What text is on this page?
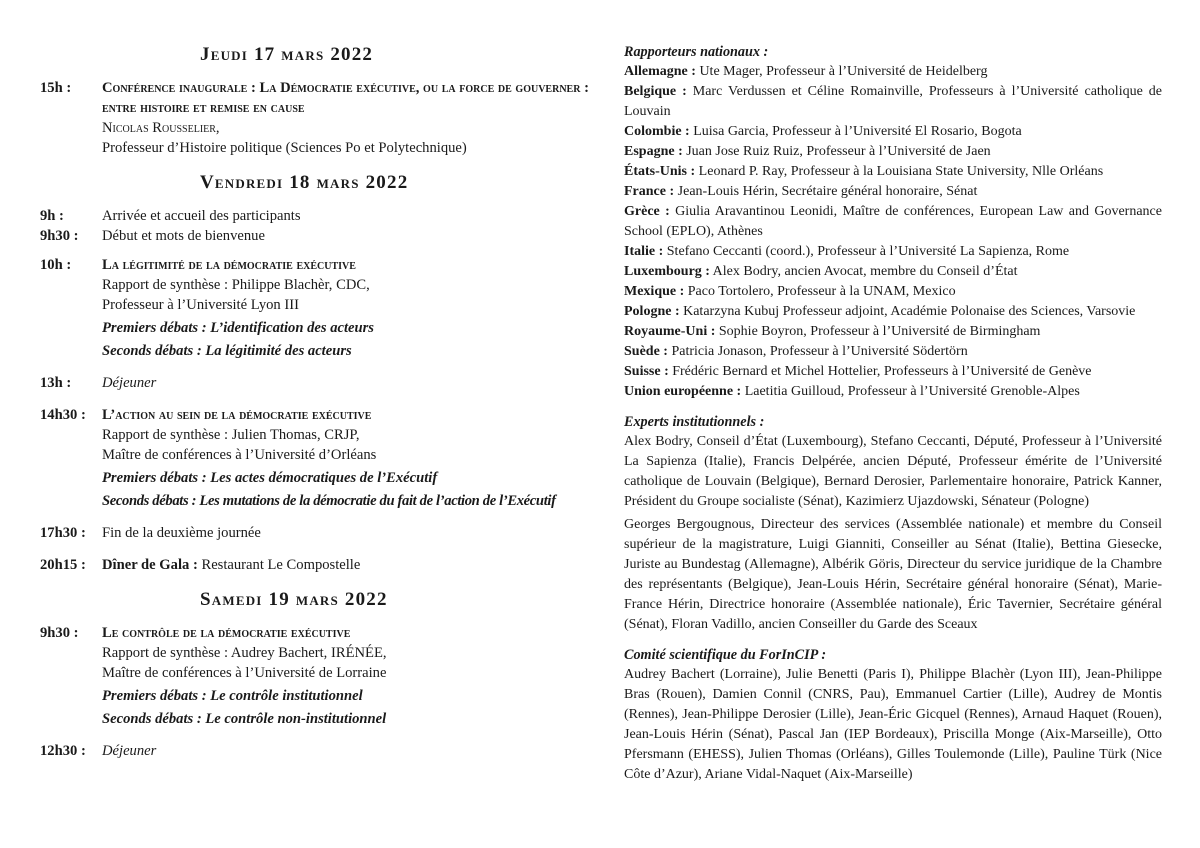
Jeudi 17 mars 2022
15h :	Conférence inaugurale : La Démocratie exécutive, ou la force de gouverner : entre histoire et remise en cause
Nicolas Rousselier,
Professeur d’Histoire politique (Sciences Po et Polytechnique)
Vendredi 18 mars 2022
9h :	Arrivée et accueil des participants
9h30 :	Début et mots de bienvenue
10h :	La légitimité de la démocratie exécutive
Rapport de synthèse : Philippe Blachèr, CDC,
Professeur à l’Université Lyon III
Premiers débats : L’identification des acteurs
Seconds débats : La légitimité des acteurs
13h :	Déjeuner
14h30 :	L’action au sein de la démocratie exécutive
Rapport de synthèse : Julien Thomas, CRJP,
Maître de conférences à l’Université d’Orléans
Premiers débats : Les actes démocratiques de l’Exécutif
Seconds débats : Les mutations de la démocratie du fait de l’action de l’Exécutif
17h30 :	Fin de la deuxième journée
20h15 :	Dîner de Gala : Restaurant Le Compostelle
Samedi 19 mars 2022
9h30 :	Le contrôle de la démocratie exécutive
Rapport de synthèse : Audrey Bachert, IRÉNÉE,
Maître de conférences à l’Université de Lorraine
Premiers débats : Le contrôle institutionnel
Seconds débats : Le contrôle non-institutionnel
12h30 :	Déjeuner
Rapporteurs nationaux :
Allemagne : Ute Mager, Professeur à l’Université de Heidelberg
Belgique : Marc Verdussen et Céline Romainville, Professeurs à l’Université catholique de Louvain
Colombie : Luisa Garcia, Professeur à l’Université El Rosario, Bogota
Espagne : Juan Jose Ruiz Ruiz, Professeur à l’Université de Jaen
États-Unis : Leonard P. Ray, Professeur à la Louisiana State University, Nlle Orléans
France : Jean-Louis Hérin, Secrétaire général honoraire, Sénat
Grèce : Giulia Aravantinou Leonidi, Maître de conférences, European Law and Governance School (EPLO), Athènes
Italie : Stefano Ceccanti (coord.), Professeur à l’Université La Sapienza, Rome
Luxembourg : Alex Bodry, ancien Avocat, membre du Conseil d’État
Mexique : Paco Tortolero, Professeur à la UNAM, Mexico
Pologne : Katarzyna Kubuj Professeur adjoint, Académie Polonaise des Sciences, Varsovie
Royaume-Uni : Sophie Boyron, Professeur à l’Université de Birmingham
Suède : Patricia Jonason, Professeur à l’Université Södertörn
Suisse : Frédéric Bernard et Michel Hottelier, Professeurs à l’Université de Genève
Union européenne : Laetitia Guilloud, Professeur à l’Université Grenoble-Alpes
Experts institutionnels :
Alex Bodry, Conseil d’État (Luxembourg), Stefano Ceccanti, Député, Professeur à l’Université La Sapienza (Italie), Francis Delpérée, ancien Député, Professeur émérite de l’Université catholique de Louvain (Belgique), Bernard Derosier, Parlementaire honoraire, Patrick Kanner, Président du Groupe socialiste (Sénat), Kazimierz Ujazdowski, Sénateur (Pologne)
Georges Bergougnous, Directeur des services (Assemblée nationale) et membre du Conseil supérieur de la magistrature, Luigi Gianniti, Conseiller au Sénat (Italie), Bettina Giesecke, Juriste au Bundestag (Allemagne), Albérik Göris, Directeur du service juridique de la Chambre des représentants (Belgique), Jean-Louis Hérin, Secrétaire général honoraire (Sénat), Marie-France Hérin, Directrice honoraire (Assemblée nationale), Éric Tavernier, Secrétaire général (Sénat), Floran Vadillo, ancien Conseiller du Garde des Sceaux
Comité scientifique du ForInCIP :
Audrey Bachert (Lorraine), Julie Benetti (Paris I), Philippe Blachèr (Lyon III), Jean-Philippe Bras (Rouen), Damien Connil (CNRS, Pau), Emmanuel Cartier (Lille), Audrey de Montis (Rennes), Jean-Philippe Derosier (Lille), Jean-Éric Gicquel (Rennes), Arnaud Haquet (Rouen), Jean-Louis Hérin (Sénat), Pascal Jan (IEP Bordeaux), Priscilla Monge (Aix-Marseille), Otto Pfersmann (EHESS), Julien Thomas (Orléans), Gilles Toulemonde (Lille), Pauline Türk (Nice Côte d’Azur), Ariane Vidal-Naquet (Aix-Marseille)
